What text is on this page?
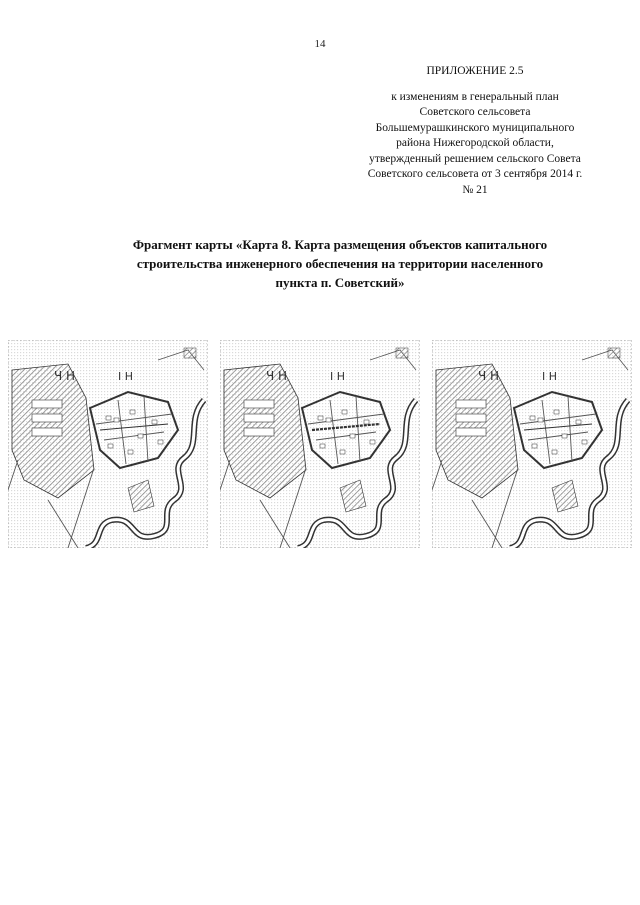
14
ПРИЛОЖЕНИЕ 2.5
к изменениям в генеральный план
Советского сельсовета
Большемурашкинского муниципального
района Нижегородской области,
утвержденный решением сельского Совета
Советского сельсовета от 3 сентября 2014 г.
№ 21
Фрагмент карты «Карта 8. Карта размещения объектов капитального
строительства инженерного обеспечения на территории населенного
пункта п. Советский»
Ч Н	І Н	Ч Н	І Н	Ч Н	І Н
